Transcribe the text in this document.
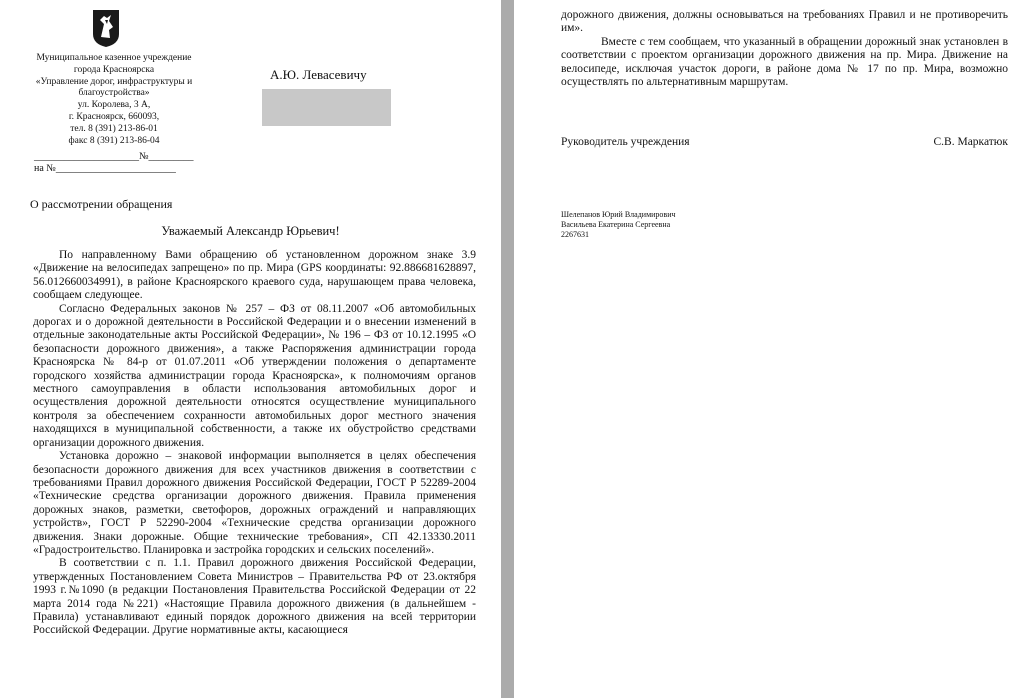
Муниципальное казенное учреждение
города Красноярска
«Управление дорог, инфраструктуры и
благоустройства»
ул. Королева, 3 А,
г. Красноярск, 660093,
тел. 8 (391) 213-86-01
факс 8 (391) 213-86-04
_____________________№_________
на №________________________
А.Ю. Левасевичу
О рассмотрении обращения
Уважаемый Александр Юрьевич!

По направленному Вами обращению об установленном дорожном знаке 3.9 «Движение на велосипедах запрещено» по пр. Мира (GPS координаты: 92.886681628897, 56.012660034991), в районе Красноярского краевого суда, нарушающем права человека, сообщаем следующее.

Согласно Федеральных законов № 257 – ФЗ от 08.11.2007 «Об автомобильных дорогах и о дорожной деятельности в Российской Федерации и о внесении изменений в отдельные законодательные акты Российской Федерации», № 196 – ФЗ от 10.12.1995 «О безопасности дорожного движения», а также Распоряжения администрации города Красноярска № 84-р от 01.07.2011 «Об утверждении положения о департаменте городского хозяйства администрации города Красноярска», к полномочиям органов местного самоуправления в области использования автомобильных дорог и осуществления дорожной деятельности относятся осуществление муниципального контроля за обеспечением сохранности автомобильных дорог местного значения находящихся в муниципальной собственности, а также их обустройство средствами организации дорожного движения.

Установка дорожно – знаковой информации выполняется в целях обеспечения безопасности дорожного движения для всех участников движения в соответствии с требованиями Правил дорожного движения Российской Федерации, ГОСТ Р 52289-2004 «Технические средства организации дорожного движения. Правила применения дорожных знаков, разметки, светофоров, дорожных ограждений и направляющих устройств», ГОСТ Р 52290-2004 «Технические средства организации дорожного движения. Знаки дорожные. Общие технические требования», СП 42.13330.2011 «Градостроительство. Планировка и застройка городских и сельских поселений».

В соответствии с п. 1.1. Правил дорожного движения Российской Федерации, утвержденных Постановлением Совета Министров – Правительства РФ от 23.октября 1993 г.№1090 (в редакции Постановления Правительства Российской Федерации от 22 марта 2014 года №221) «Настоящие Правила дорожного движения (в дальнейшем - Правила) устанавливают единый порядок дорожного движения на всей территории Российской Федерации. Другие нормативные акты, касающиеся

дорожного движения, должны основываться на требованиях Правил и не противоречить им».

Вместе с тем сообщаем, что указанный в обращении дорожный знак установлен в соответствии с проектом организации дорожного движения на пр. Мира. Движение на велосипеде, исключая участок дороги, в районе дома № 17 по пр. Мира, возможно осуществлять по альтернативным маршрутам.

Руководитель учреждения	С.В. Маркатюк
Шелепанов Юрий Владимирович
Васильева Екатерина Сергеевна
2267631
